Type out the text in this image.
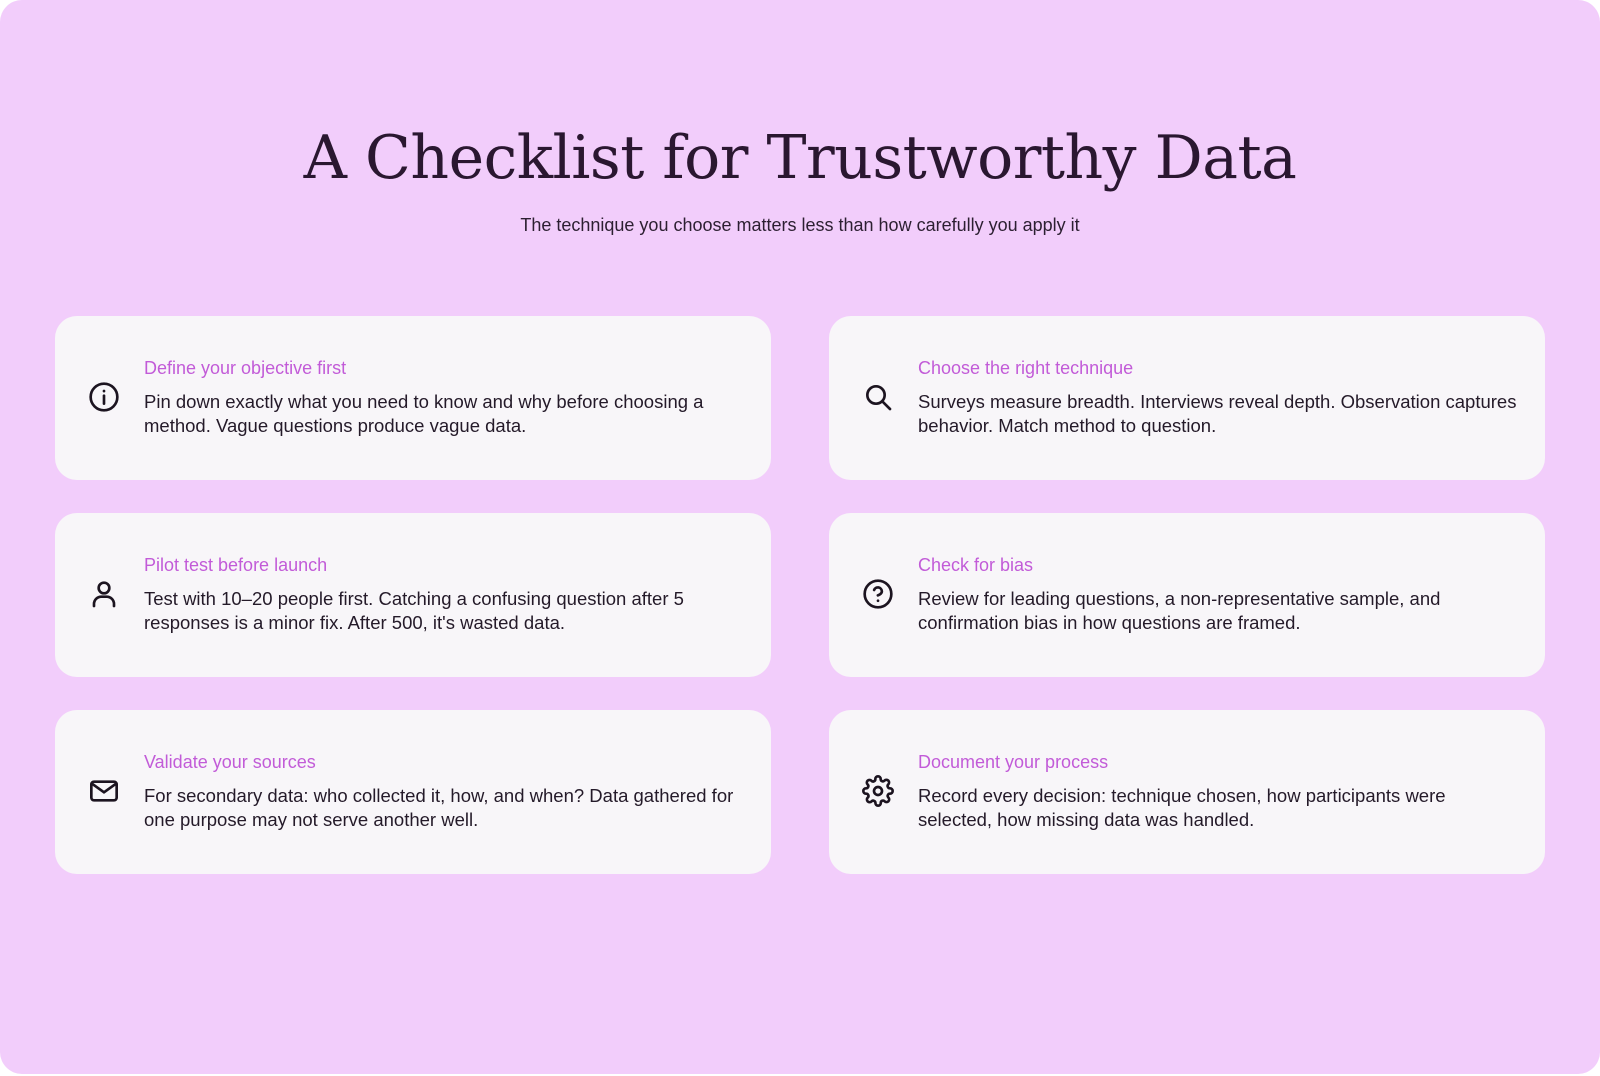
A Checklist for Trustworthy Data

The technique you choose matters less than how carefully you apply it

Define your objective first

Pin down exactly what you need to know and why before choosing a method. Vague questions produce vague data.

Choose the right technique

Surveys measure breadth. Interviews reveal depth. Observation captures behavior. Match method to question.

Pilot test before launch

Test with 10–20 people first. Catching a confusing question after 5 responses is a minor fix. After 500, it's wasted data.

Check for bias

Review for leading questions, a non-representative sample, and confirmation bias in how questions are framed.

Validate your sources

For secondary data: who collected it, how, and when? Data gathered for one purpose may not serve another well.

Document your process

Record every decision: technique chosen, how participants were selected, how missing data was handled.
